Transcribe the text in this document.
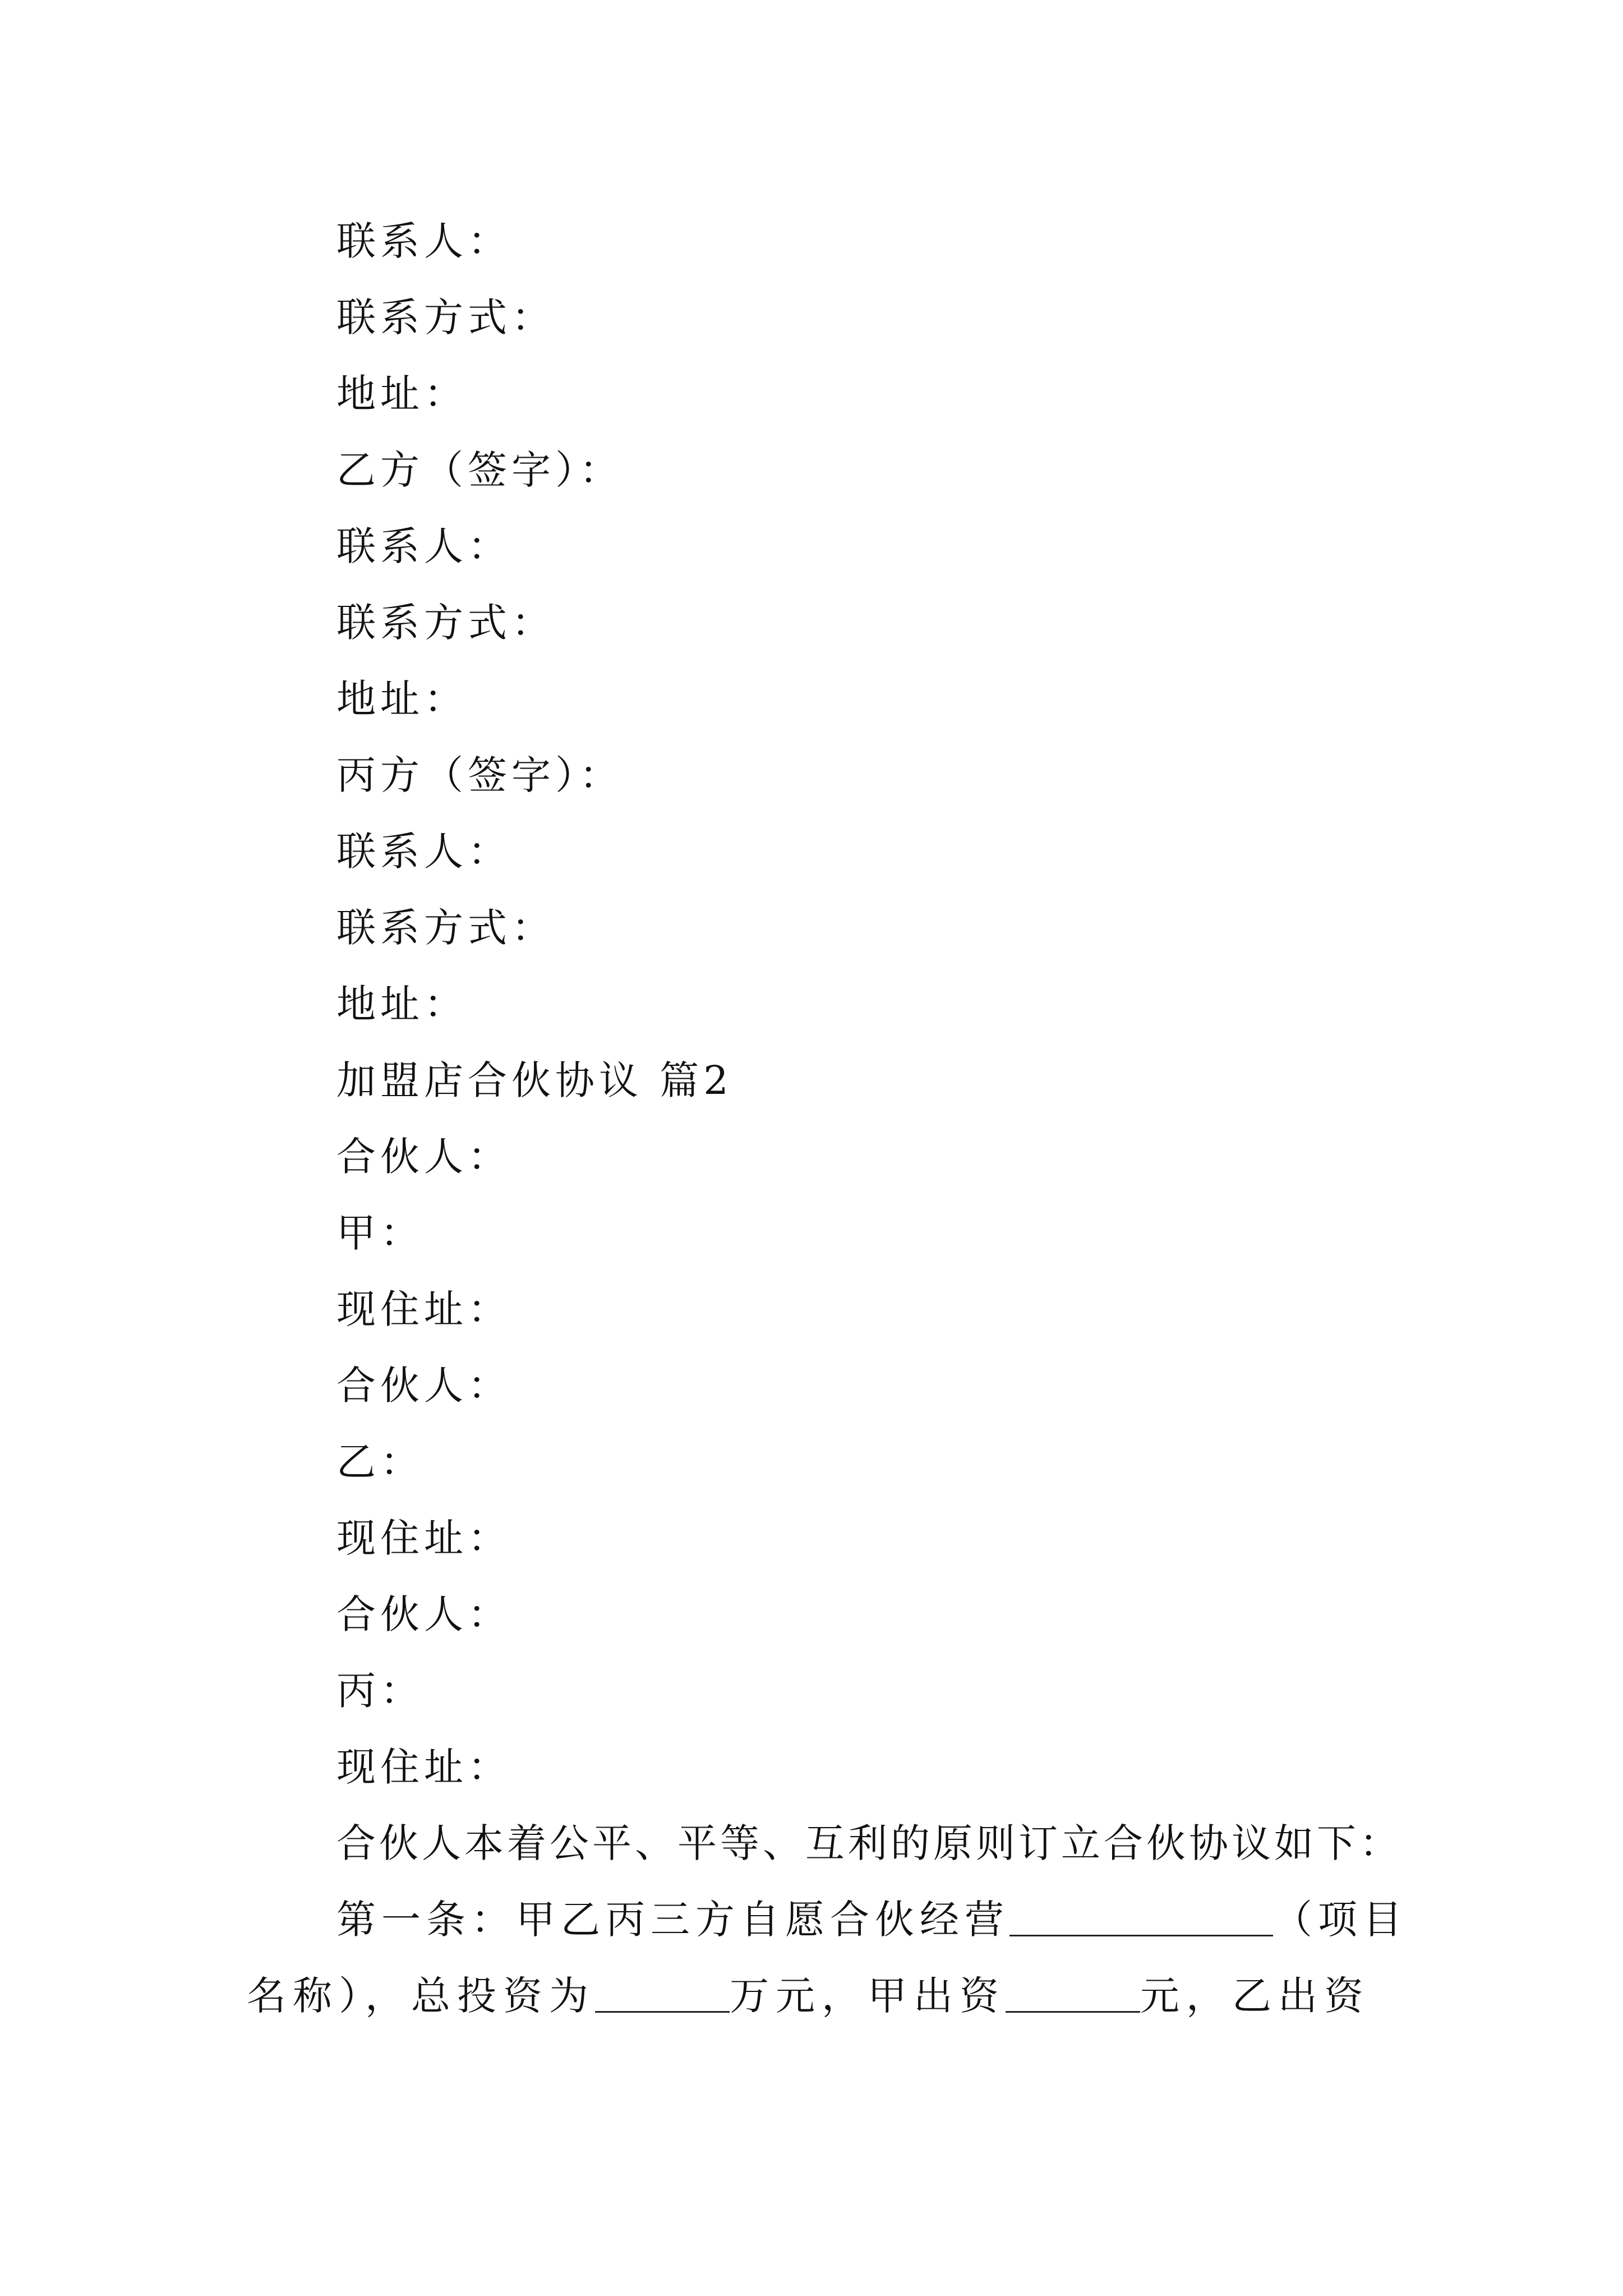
联系人：
联系方式：
地址：
乙方（签字）：
联系人：
联系方式：
地址：
丙方（签字）：
联系人：
联系方式：
地址：
加盟店合伙协议 篇2
合伙人：
甲：
现住址：
合伙人：
乙：
现住址：
合伙人：
丙：
现住址：
合伙人本着公平、平等、互利的原则订立合伙协议如下：
第一条：甲乙丙三方自愿合伙经营	（项目
名称），总投资为	万元，甲出资	元，乙出资
